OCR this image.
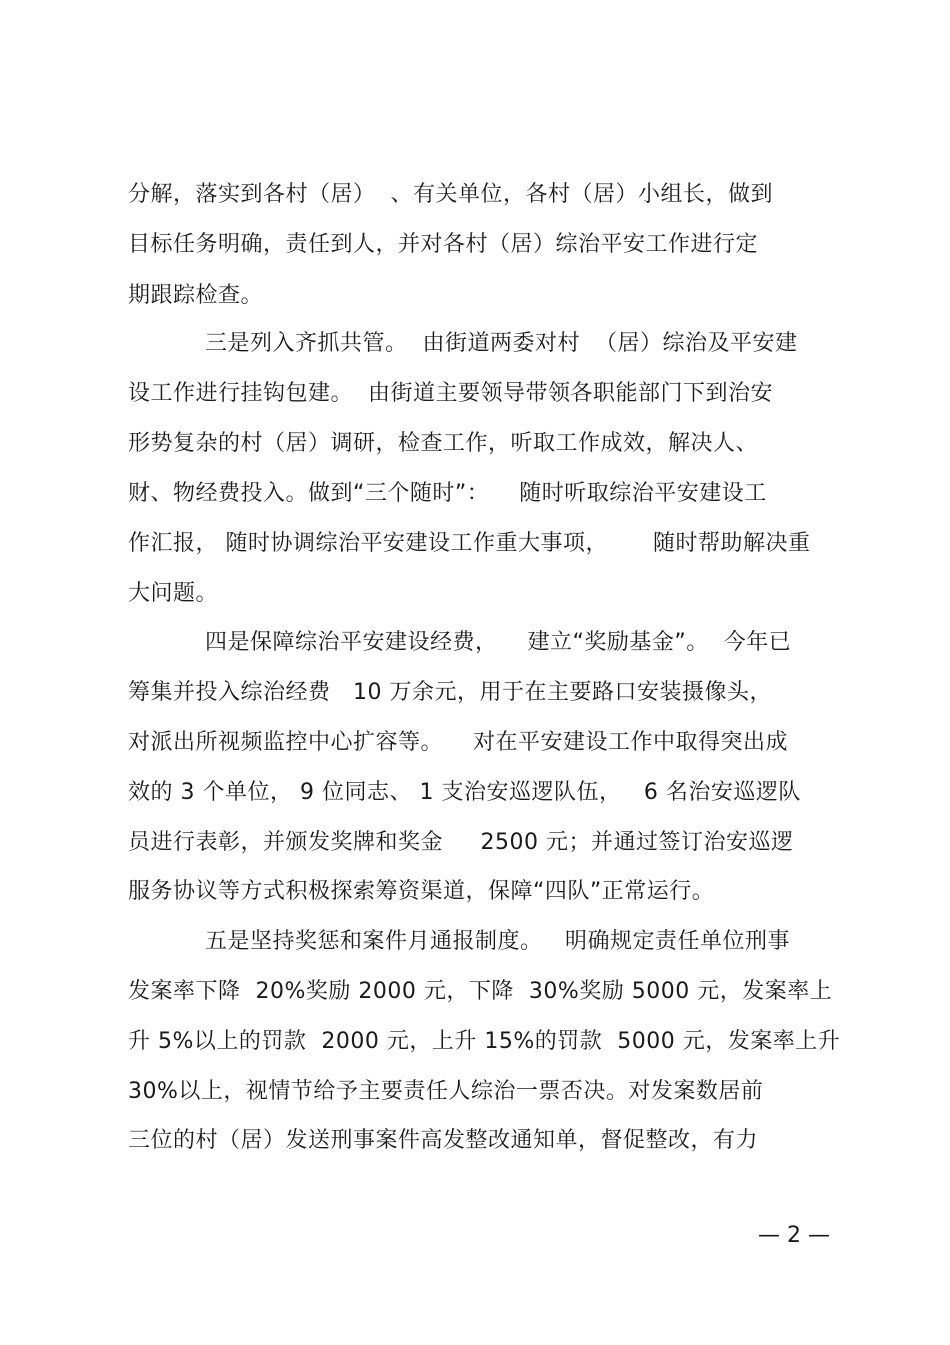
分解，落实到各村（居）  、有关单位，各村（居）小组长，做到
目标任务明确，责任到人，并对各村（居）综治平安工作进行定
期跟踪检查。
三是列入齐抓共管。  由街道两委对村  （居）综治及平安建
设工作进行挂钩包建。  由街道主要领导带领各职能部门下到治安
形势复杂的村（居）调研，检查工作，听取工作成效，解决人、
财、物经费投入。做到“三个随时”：    随时听取综治平安建设工
作汇报， 随时协调综治平安建设工作重大事项，      随时帮助解决重
大问题。
四是保障综治平安建设经费，    建立“奖励基金”。  今年已
筹集并投入综治经费   10 万余元，用于在主要路口安装摄像头，
对派出所视频监控中心扩容等。    对在平安建设工作中取得突出成
效的 3 个单位， 9 位同志、 1 支治安巡逻队伍，   6 名治安巡逻队
员进行表彰，并颁发奖牌和奖金     2500 元；并通过签订治安巡逻
服务协议等方式积极探索筹资渠道，保障“四队”正常运行。
五是坚持奖惩和案件月通报制度。   明确规定责任单位刑事
发案率下降  20%奖励 2000 元，下降  30%奖励 5000 元，发案率上
升 5%以上的罚款  2000 元，上升 15%的罚款  5000 元，发案率上升
30%以上，视情节给予主要责任人综治一票否决。对发案数居前
三位的村（居）发送刑事案件高发整改通知单，督促整改，有力
— 2 —
